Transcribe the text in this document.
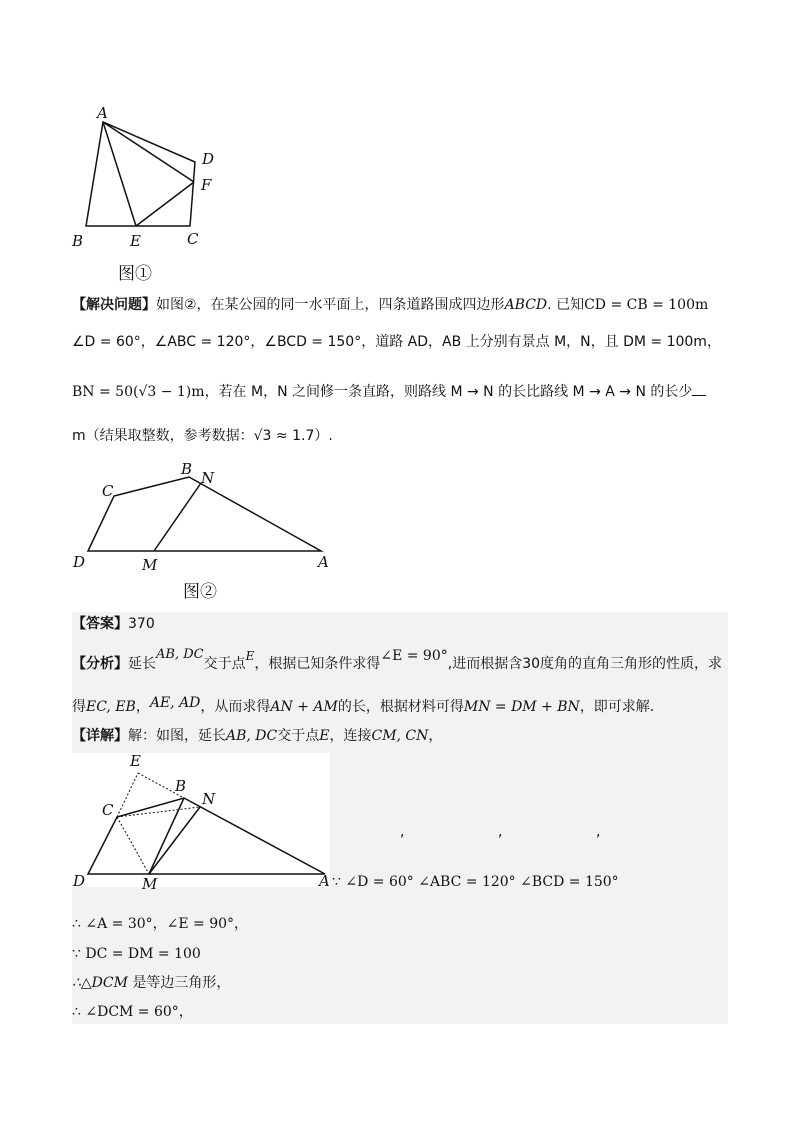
A
B	E	C
D
F
图①
【解决问题】如图②，在某公园的同一水平面上，四条道路围成四边形ABCD. 已知CD = CB = 100m
∠D = 60°，∠ABC = 120°，∠BCD = 150°，道路 AD，AB 上分别有景点 M，N，且 DM = 100m，
BN = 50(√3 − 1)m，若在 M，N 之间修一条直路，则路线 M → N 的长比路线 M → A → N 的长少
m（结果取整数，参考数据：√3 ≈ 1.7）.
B N
C
D	M	A
图②
【答案】370
【分析】延长AB, DC交于点E，根据已知条件求得∠E = 90°,进而根据含30度角的直角三角形的性质，求
得EC, EB，AE, AD，从而求得AN + AM的长，根据材料可得MN = DM + BN，即可求解.
【详解】解：如图，延长AB, DC交于点E，连接CM, CN，
E
B
N
C
D	M	A
,	,	,
∵ ∠D = 60° ∠ABC = 120° ∠BCD = 150°
∴ ∠A = 30°，∠E = 90°，
∵ DC = DM = 100
∴△DCM 是等边三角形，
∴ ∠DCM = 60°，
